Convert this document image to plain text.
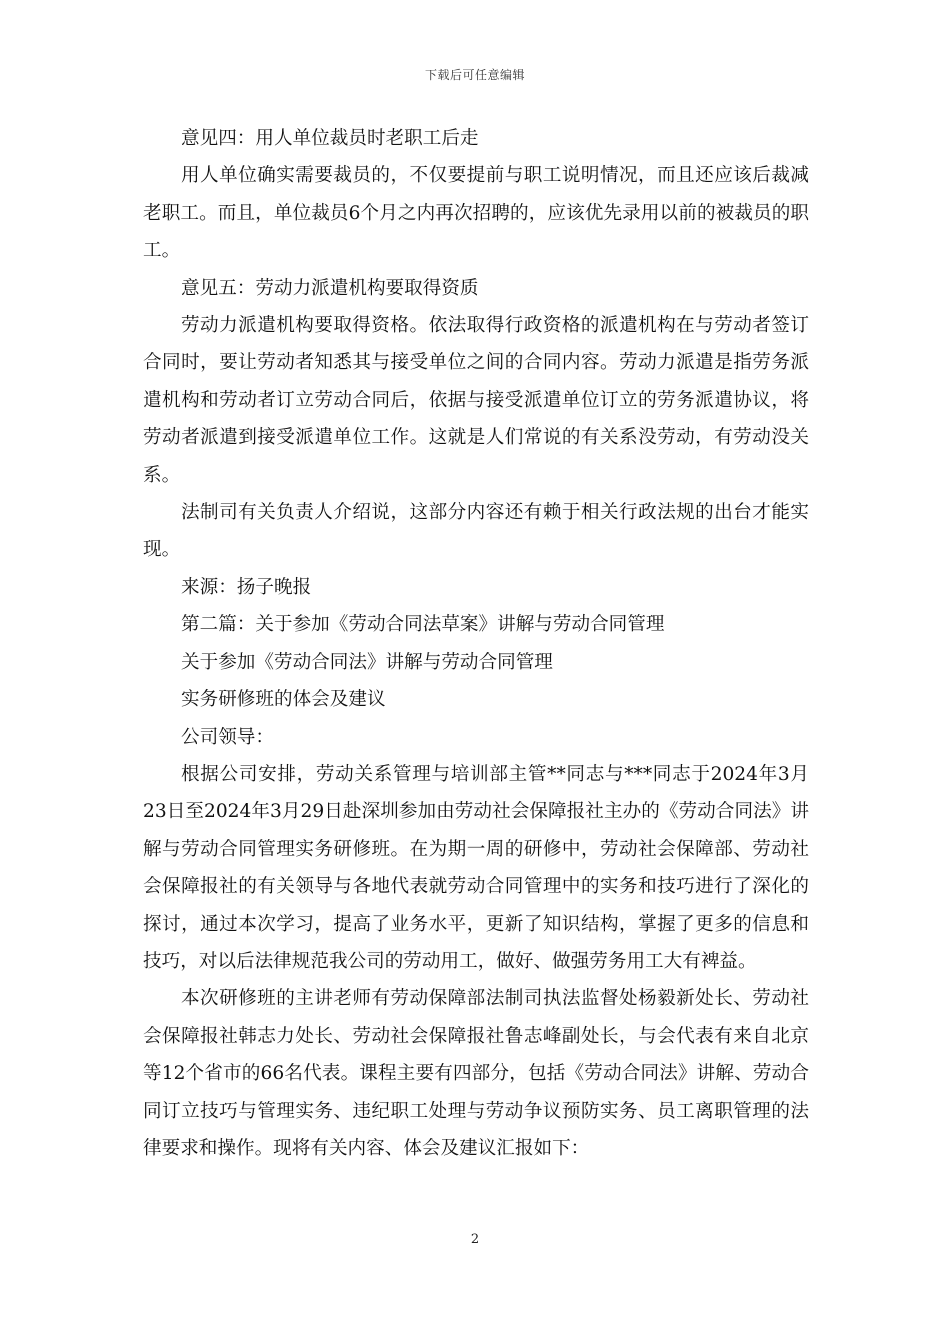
下载后可任意编辑

意见四：用人单位裁员时老职工后走

用人单位确实需要裁员的，不仅要提前与职工说明情况，而且还应该后裁减老职工。而且，单位裁员6个月之内再次招聘的，应该优先录用以前的被裁员的职工。

意见五：劳动力派遣机构要取得资质

劳动力派遣机构要取得资格。依法取得行政资格的派遣机构在与劳动者签订合同时，要让劳动者知悉其与接受单位之间的合同内容。劳动力派遣是指劳务派遣机构和劳动者订立劳动合同后，依据与接受派遣单位订立的劳务派遣协议，将劳动者派遣到接受派遣单位工作。这就是人们常说的有关系没劳动，有劳动没关系。

法制司有关负责人介绍说，这部分内容还有赖于相关行政法规的出台才能实现。

来源：扬子晚报

第二篇：关于参加《劳动合同法草案》讲解与劳动合同管理

关于参加《劳动合同法》讲解与劳动合同管理

实务研修班的体会及建议

公司领导：

根据公司安排，劳动关系管理与培训部主管**同志与***同志于2024年3月23日至2024年3月29日赴深圳参加由劳动社会保障报社主办的《劳动合同法》讲解与劳动合同管理实务研修班。在为期一周的研修中，劳动社会保障部、劳动社会保障报社的有关领导与各地代表就劳动合同管理中的实务和技巧进行了深化的探讨，通过本次学习，提高了业务水平，更新了知识结构，掌握了更多的信息和技巧，对以后法律规范我公司的劳动用工，做好、做强劳务用工大有裨益。

本次研修班的主讲老师有劳动保障部法制司执法监督处杨毅新处长、劳动社会保障报社韩志力处长、劳动社会保障报社鲁志峰副处长，与会代表有来自北京等12个省市的66名代表。课程主要有四部分，包括《劳动合同法》讲解、劳动合同订立技巧与管理实务、违纪职工处理与劳动争议预防实务、员工离职管理的法律要求和操作。现将有关内容、体会及建议汇报如下：

2
